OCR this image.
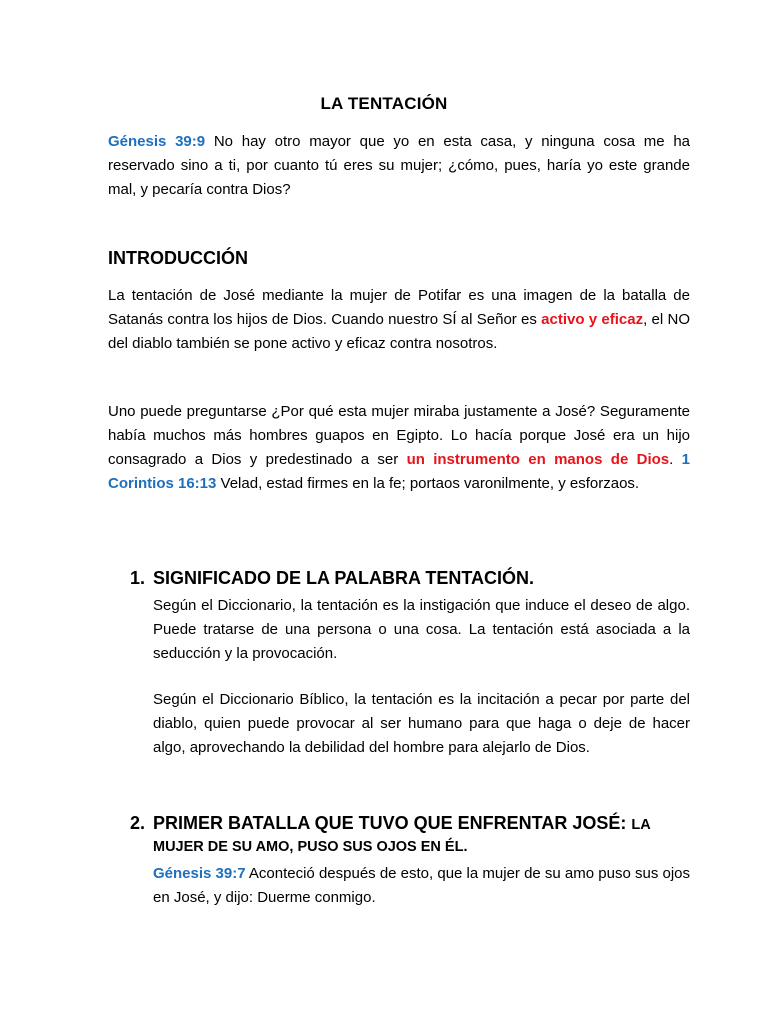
LA TENTACIÓN
Génesis 39:9 No hay otro mayor que yo en esta casa, y ninguna cosa me ha reservado sino a ti, por cuanto tú eres su mujer; ¿cómo, pues, haría yo este grande mal, y pecaría contra Dios?
INTRODUCCIÓN
La tentación de José mediante la mujer de Potifar es una imagen de la batalla de Satanás contra los hijos de Dios. Cuando nuestro SÍ al Señor es activo y eficaz, el NO del diablo también se pone activo y eficaz contra nosotros.
Uno puede preguntarse ¿Por qué esta mujer miraba justamente a José? Seguramente había muchos más hombres guapos en Egipto. Lo hacía porque José era un hijo consagrado a Dios y predestinado a ser un instrumento en manos de Dios. 1 Corintios 16:13 Velad, estad firmes en la fe; portaos varonilmente, y esforzaos.
1. SIGNIFICADO DE LA PALABRA TENTACIÓN.
Según el Diccionario, la tentación es la instigación que induce el deseo de algo. Puede tratarse de una persona o una cosa. La tentación está asociada a la seducción y la provocación.
Según el Diccionario Bíblico, la tentación es la incitación a pecar por parte del diablo, quien puede provocar al ser humano para que haga o deje de hacer algo, aprovechando la debilidad del hombre para alejarlo de Dios.
2. PRIMER BATALLA QUE TUVO QUE ENFRENTAR JOSÉ: LA
MUJER DE SU AMO, PUSO SUS OJOS EN ÉL.
Génesis 39:7 Aconteció después de esto, que la mujer de su amo puso sus ojos en José, y dijo: Duerme conmigo.
